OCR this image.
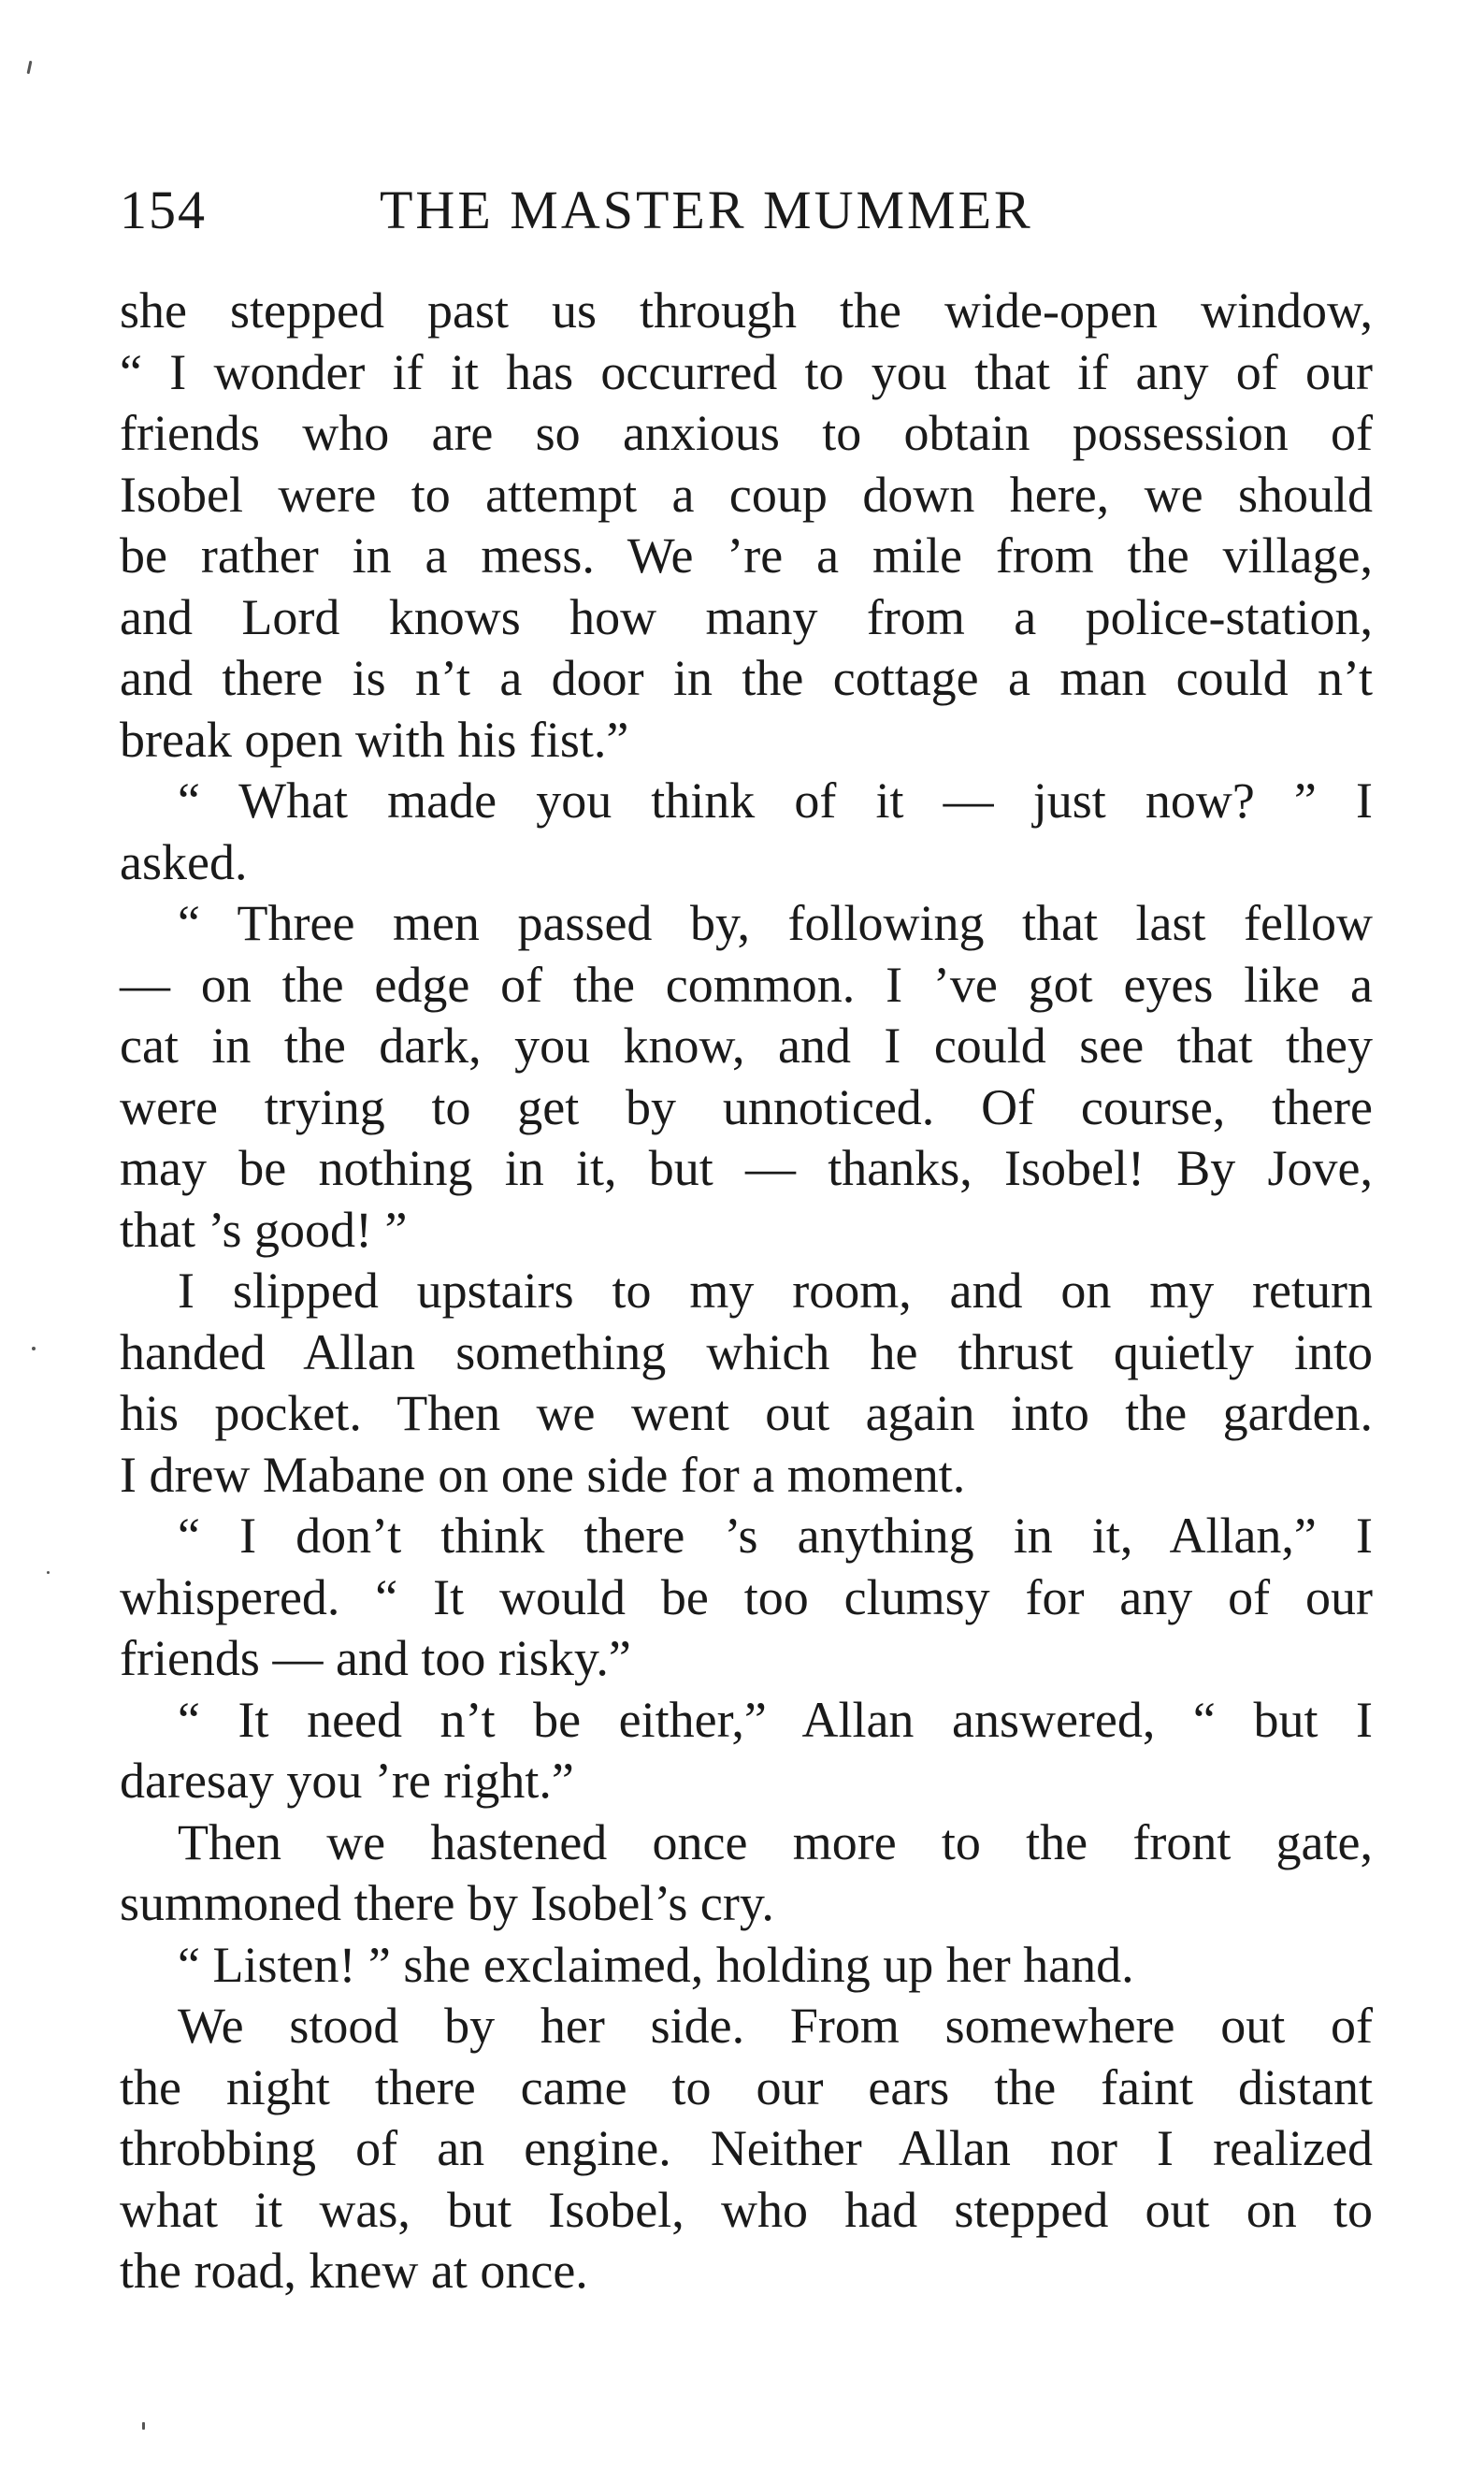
154	THE MASTER MUMMER
she stepped past us through the wide-open window,
“ I wonder if it has occurred to you that if any of our
friends who are so anxious to obtain possession of
Isobel were to attempt a coup down here, we should
be rather in a mess. We ’re a mile from the village,
and Lord knows how many from a police-station,
and there is n’t a door in the cottage a man could n’t
break open with his fist.”
“ What made you think of it — just now? ” I
asked.
“ Three men passed by, following that last fellow
— on the edge of the common. I ’ve got eyes like a
cat in the dark, you know, and I could see that they
were trying to get by unnoticed. Of course, there
may be nothing in it, but — thanks, Isobel! By Jove,
that ’s good! ”
I slipped upstairs to my room, and on my return
handed Allan something which he thrust quietly into
his pocket. Then we went out again into the garden.
I drew Mabane on one side for a moment.
“ I don’t think there ’s anything in it, Allan,” I
whispered. “ It would be too clumsy for any of our
friends — and too risky.”
“ It need n’t be either,” Allan answered, “ but I
daresay you ’re right.”
Then we hastened once more to the front gate,
summoned there by Isobel’s cry.
“ Listen! ” she exclaimed, holding up her hand.
We stood by her side. From somewhere out of
the night there came to our ears the faint distant
throbbing of an engine. Neither Allan nor I realized
what it was, but Isobel, who had stepped out on to
the road, knew at once.
